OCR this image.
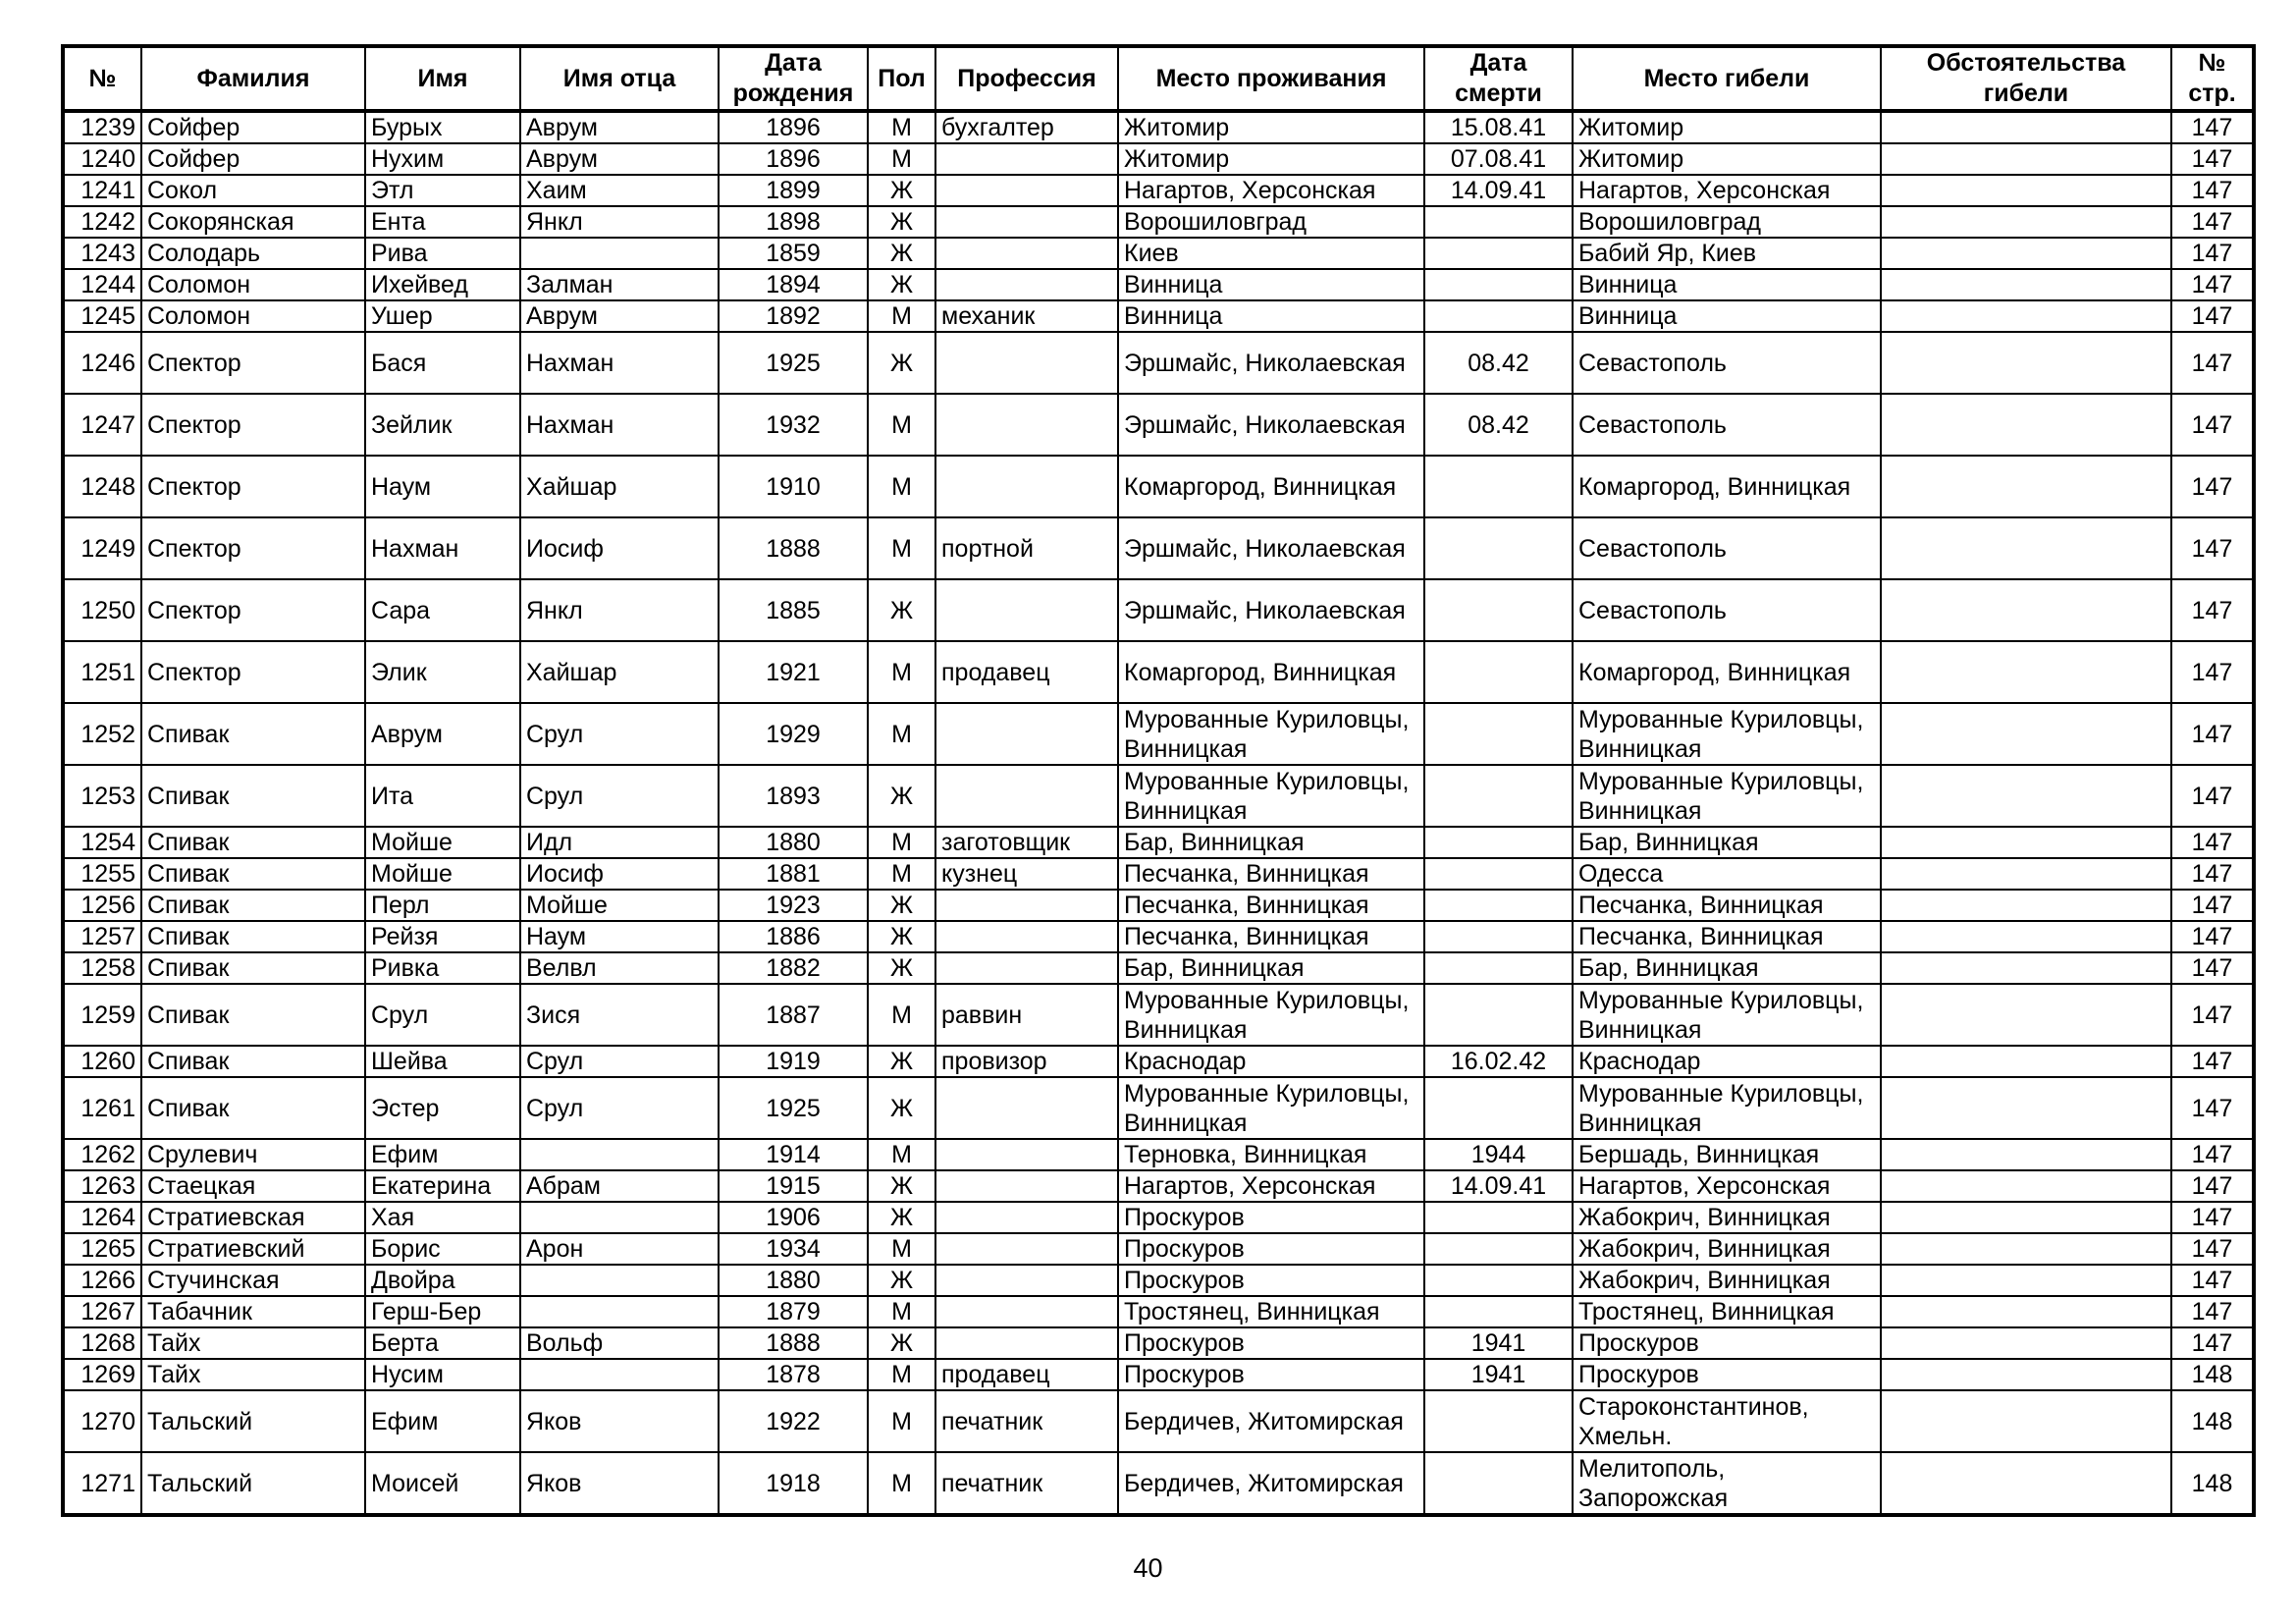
№	Фамилия	Имя	Имя отца	Дата рождения	Пол	Профессия	Место проживания	Дата смерти	Место гибели	Обстоятельства гибели	№ стр.
1239	Сойфер	Бурых	Аврум	1896	М	бухгалтер	Житомир	15.08.41	Житомир		147
1240	Сойфер	Нухим	Аврум	1896	М		Житомир	07.08.41	Житомир		147
1241	Сокол	Этл	Хаим	1899	Ж		Нагартов, Херсонская	14.09.41	Нагартов, Херсонская		147
1242	Сокорянская	Ента	Янкл	1898	Ж		Ворошиловград		Ворошиловград		147
1243	Солодарь	Рива		1859	Ж		Киев		Бабий Яр, Киев		147
1244	Соломон	Ихейвед	Залман	1894	Ж		Винница		Винница		147
1245	Соломон	Ушер	Аврум	1892	М	механик	Винница		Винница		147
1246	Спектор	Бася	Нахман	1925	Ж		Эршмайс, Николаевская	08.42	Севастополь		147
1247	Спектор	Зейлик	Нахман	1932	М		Эршмайс, Николаевская	08.42	Севастополь		147
1248	Спектор	Наум	Хайшар	1910	М		Комаргород, Винницкая		Комаргород, Винницкая		147
1249	Спектор	Нахман	Иосиф	1888	М	портной	Эршмайс, Николаевская		Севастополь		147
1250	Спектор	Сара	Янкл	1885	Ж		Эршмайс, Николаевская		Севастополь		147
1251	Спектор	Элик	Хайшар	1921	М	продавец	Комаргород, Винницкая		Комаргород, Винницкая		147
1252	Спивак	Аврум	Срул	1929	М		Мурованные Куриловцы, Винницкая		Мурованные Куриловцы, Винницкая		147
1253	Спивак	Ита	Срул	1893	Ж		Мурованные Куриловцы, Винницкая		Мурованные Куриловцы, Винницкая		147
1254	Спивак	Мойше	Идл	1880	М	заготовщик	Бар, Винницкая		Бар, Винницкая		147
1255	Спивак	Мойше	Иосиф	1881	М	кузнец	Песчанка, Винницкая		Одесса		147
1256	Спивак	Перл	Мойше	1923	Ж		Песчанка, Винницкая		Песчанка, Винницкая		147
1257	Спивак	Рейзя	Наум	1886	Ж		Песчанка, Винницкая		Песчанка, Винницкая		147
1258	Спивак	Ривка	Велвл	1882	Ж		Бар, Винницкая		Бар, Винницкая		147
1259	Спивак	Срул	Зися	1887	М	раввин	Мурованные Куриловцы, Винницкая		Мурованные Куриловцы, Винницкая		147
1260	Спивак	Шейва	Срул	1919	Ж	провизор	Краснодар	16.02.42	Краснодар		147
1261	Спивак	Эстер	Срул	1925	Ж		Мурованные Куриловцы, Винницкая		Мурованные Куриловцы, Винницкая		147
1262	Срулевич	Ефим		1914	М		Терновка, Винницкая	1944	Бершадь, Винницкая		147
1263	Стаецкая	Екатерина	Абрам	1915	Ж		Нагартов, Херсонская	14.09.41	Нагартов, Херсонская		147
1264	Стратиевская	Хая		1906	Ж		Проскуров		Жабокрич, Винницкая		147
1265	Стратиевский	Борис	Арон	1934	М		Проскуров		Жабокрич, Винницкая		147
1266	Стучинская	Двойра		1880	Ж		Проскуров		Жабокрич, Винницкая		147
1267	Табачник	Герш-Бер		1879	М		Тростянец, Винницкая		Тростянец, Винницкая		147
1268	Тайх	Берта	Вольф	1888	Ж		Проскуров	1941	Проскуров		147
1269	Тайх	Нусим		1878	М	продавец	Проскуров	1941	Проскуров		148
1270	Тальский	Ефим	Яков	1922	М	печатник	Бердичев, Житомирская		Староконстантинов, Хмельн.		148
1271	Тальский	Моисей	Яков	1918	М	печатник	Бердичев, Житомирская		Мелитополь, Запорожская		148
40
